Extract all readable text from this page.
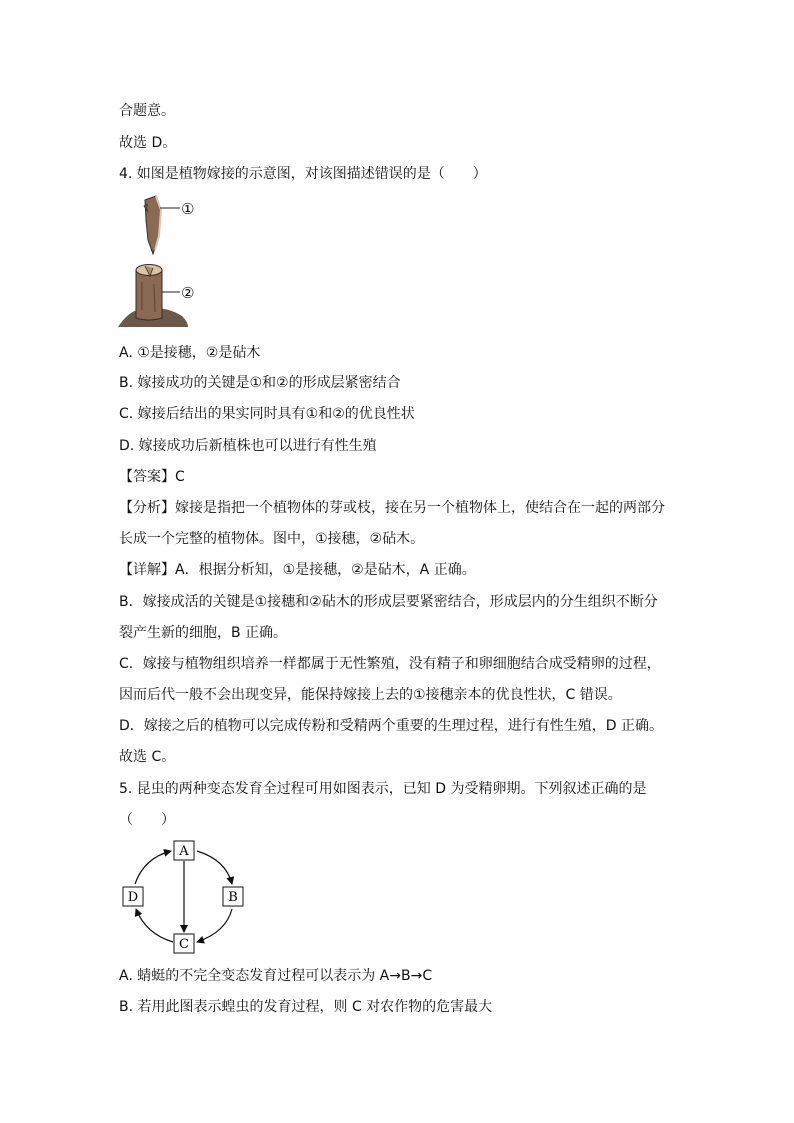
合题意。
故选 D。
4. 如图是植物嫁接的示意图，对该图描述错误的是（　　）
①
②
A. ①是接穗，②是砧木
B. 嫁接成功的关键是①和②的形成层紧密结合
C. 嫁接后结出的果实同时具有①和②的优良性状
D. 嫁接成功后新植株也可以进行有性生殖
【答案】C
【分析】嫁接是指把一个植物体的芽或枝，接在另一个植物体上，使结合在一起的两部分
长成一个完整的植物体。图中，①接穗，②砧木。
【详解】A．根据分析知，①是接穗，②是砧木，A 正确。
B．嫁接成活的关键是①接穗和②砧木的形成层要紧密结合，形成层内的分生组织不断分
裂产生新的细胞，B 正确。
C．嫁接与植物组织培养一样都属于无性繁殖，没有精子和卵细胞结合成受精卵的过程，
因而后代一般不会出现变异，能保持嫁接上去的①接穗亲本的优良性状，C 错误。
D．嫁接之后的植物可以完成传粉和受精两个重要的生理过程，进行有性生殖，D 正确。
故选 C。
5. 昆虫的两种变态发育全过程可用如图表示，已知 D 为受精卵期。下列叙述正确的是
（　　）
A
B
C
D
A. 蜻蜓的不完全变态发育过程可以表示为 A→B→C
B. 若用此图表示蝗虫的发育过程，则 C 对农作物的危害最大
